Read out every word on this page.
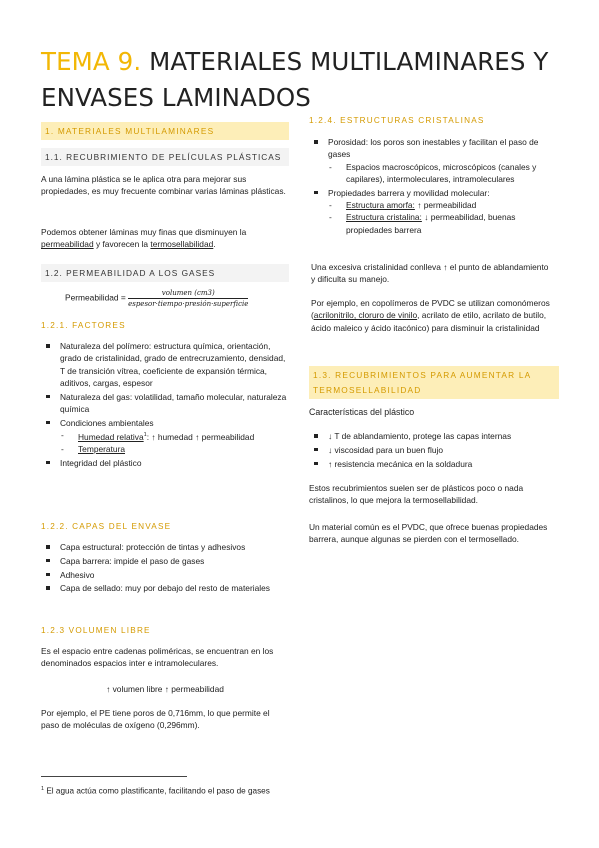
TEMA 9. MATERIALES MULTILAMINARES Y ENVASES LAMINADOS
1. MATERIALES MULTILAMINARES
1.1. RECUBRIMIENTO DE PELÍCULAS PLÁSTICAS
A una lámina plástica se le aplica otra para mejorar sus propiedades, es muy frecuente combinar varias láminas plásticas.
Podemos obtener láminas muy finas que disminuyen la permeabilidad y favorecen la termosellabilidad.
1.2. PERMEABILIDAD A LOS GASES
Permeabilidad = $\frac{\text{volumen (cm3)}}{\text{espesor·tiempo·presión·superficie}}$
1.2.1. FACTORES
Naturaleza del polímero: estructura química, orientación, grado de cristalinidad, grado de entrecruzamiento, densidad, T de transición vítrea, coeficiente de expansión térmica, aditivos, cargas, espesor
Naturaleza del gas: volatilidad, tamaño molecular, naturaleza química
Condiciones ambientales
- Humedad relativa$^1$: ↑ humedad ↑ permeabilidad
- Temperatura
Integridad del plástico
1.2.2. CAPAS DEL ENVASE
Capa estructural: protección de tintas y adhesivos
Capa barrera: impide el paso de gases
Adhesivo
Capa de sellado: muy por debajo del resto de materiales
1.2.3 VOLUMEN LIBRE
Es el espacio entre cadenas poliméricas, se encuentran en los denominados espacios inter e intramoleculares.
↑ volumen libre ↑ permeabilidad
Por ejemplo, el PE tiene poros de 0,716mm, lo que permite el paso de moléculas de oxígeno (0,296mm).
$^1$ El agua actúa como plastificante, facilitando el paso de gases
1.2.4. ESTRUCTURAS CRISTALINAS
Porosidad: los poros son inestables y facilitan el paso de gases
- Espacios macroscópicos, microscópicos (canales y capilares), intermoleculares, intramoleculares
Propiedades barrera y movilidad molecular:
- Estructura amorfa: ↑ permeabilidad
- Estructura cristalina: ↓ permeabilidad, buenas propiedades barrera
Una excesiva cristalinidad conlleva ↑ el punto de ablandamiento y dificulta su manejo.
Por ejemplo, en copolímeros de PVDC se utilizan comonómeros (acrilonitrilo, cloruro de vinilo, acrilato de etilo, acrilato de butilo, ácido maleico y ácido itacónico) para disminuir la cristalinidad
1.3. RECUBRIMIENTOS PARA AUMENTAR LA TERMOSELLABILIDAD
Características del plástico
↓ T de ablandamiento, protege las capas internas
↓ viscosidad para un buen flujo
↑ resistencia mecánica en la soldadura
Estos recubrimientos suelen ser de plásticos poco o nada cristalinos, lo que mejora la termosellabilidad.
Un material común es el PVDC, que ofrece buenas propiedades barrera, aunque algunas se pierden con el termosellado.
